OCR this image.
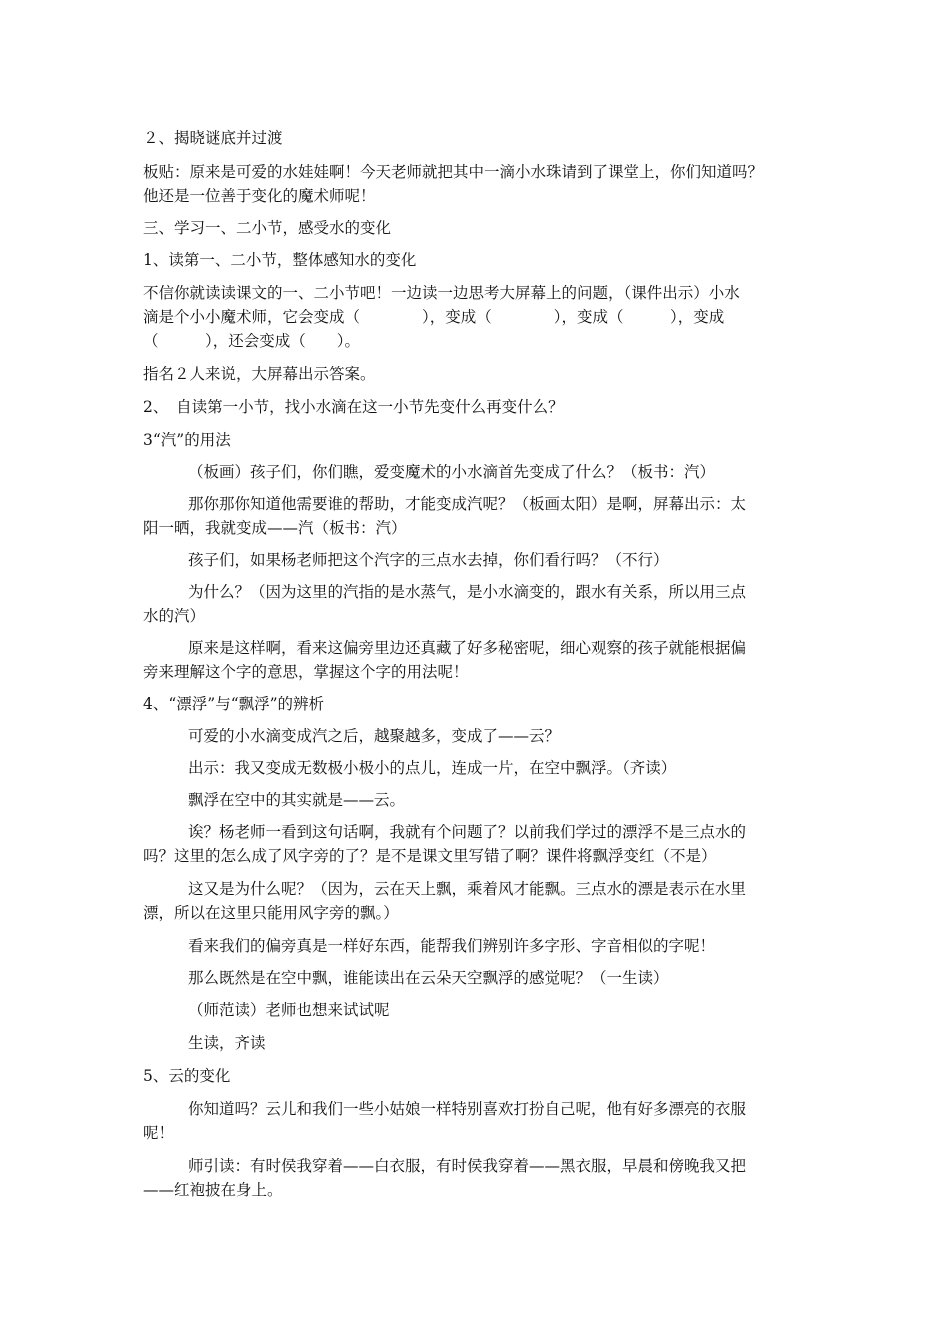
２、揭晓谜底并过渡
板贴：原来是可爱的水娃娃啊！今天老师就把其中一滴小水珠请到了课堂上，你们知道吗？
他还是一位善于变化的魔术师呢！
三、学习一、二小节，感受水的变化
1、读第一、二小节，整体感知水的变化
不信你就读读课文的一、二小节吧！一边读一边思考大屏幕上的问题，（课件出示）小水
滴是个小小魔术师，它会变成（　　　　），变成（　　　　），变成（　　　），变成
（　　　），还会变成（　　）。
指名２人来说，大屏幕出示答案。
2、　自读第一小节，找小水滴在这一小节先变什么再变什么？
3“汽”的用法
（板画）孩子们，你们瞧，爱变魔术的小水滴首先变成了什么？（板书：汽）
那你那你知道他需要谁的帮助，才能变成汽呢？（板画太阳）是啊，屏幕出示：太
阳一晒，我就变成——汽（板书：汽）
孩子们，如果杨老师把这个汽字的三点水去掉，你们看行吗？（不行）
为什么？（因为这里的汽指的是水蒸气，是小水滴变的，跟水有关系，所以用三点
水的汽）
原来是这样啊，看来这偏旁里边还真藏了好多秘密呢，细心观察的孩子就能根据偏
旁来理解这个字的意思，掌握这个字的用法呢！
4、“漂浮”与“飘浮”的辨析
可爱的小水滴变成汽之后，越聚越多，变成了——云？
出示：我又变成无数极小极小的点儿，连成一片，在空中飘浮。（齐读）
飘浮在空中的其实就是——云。
诶？杨老师一看到这句话啊，我就有个问题了？以前我们学过的漂浮不是三点水的
吗？这里的怎么成了风字旁的了？是不是课文里写错了啊？课件将飘浮变红（不是）
这又是为什么呢？（因为，云在天上飘，乘着风才能飘。三点水的漂是表示在水里
漂，所以在这里只能用风字旁的飘。）
看来我们的偏旁真是一样好东西，能帮我们辨别许多字形、字音相似的字呢！
那么既然是在空中飘，谁能读出在云朵天空飘浮的感觉呢？（一生读）
（师范读）老师也想来试试呢
生读，齐读
5、云的变化
你知道吗？云儿和我们一些小姑娘一样特别喜欢打扮自己呢，他有好多漂亮的衣服
呢！
师引读：有时侯我穿着——白衣服，有时侯我穿着——黑衣服，早晨和傍晚我又把
——红袍披在身上。
